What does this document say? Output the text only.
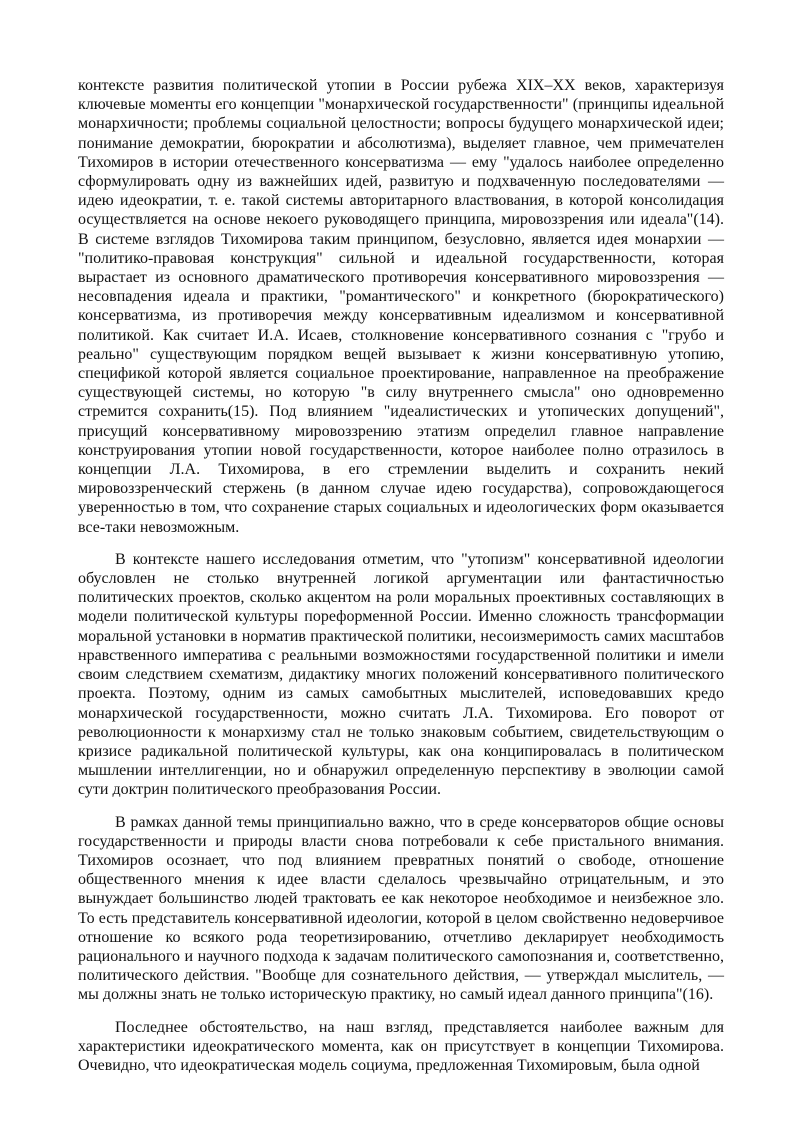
контексте развития политической утопии в России рубежа XIX–XX веков, характеризуя ключевые моменты его концепции "монархической государственности" (принципы идеальной монархичности; проблемы социальной целостности; вопросы будущего монархической идеи; понимание демократии, бюрократии и абсолютизма), выделяет главное, чем примечателен Тихомиров в истории отечественного консерватизма — ему "удалось наиболее определенно сформулировать одну из важнейших идей, развитую и подхваченную последователями — идею идеократии, т. е. такой системы авторитарного властвования, в которой консолидация осуществляется на основе некоего руководящего принципа, мировоззрения или идеала"(14). В системе взглядов Тихомирова таким принципом, безусловно, является идея монархии — "политико-правовая конструкция" сильной и идеальной государственности, которая вырастает из основного драматического противоречия консервативного мировоззрения — несовпадения идеала и практики, "романтического" и конкретного (бюрократического) консерватизма, из противоречия между консервативным идеализмом и консервативной политикой. Как считает И.А. Исаев, столкновение консервативного сознания с "грубо и реально" существующим порядком вещей вызывает к жизни консервативную утопию, спецификой которой является социальное проектирование, направленное на преображение существующей системы, но которую "в силу внутреннего смысла" оно одновременно стремится сохранить(15). Под влиянием "идеалистических и утопических допущений", присущий консервативному мировоззрению этатизм определил главное направление конструирования утопии новой государственности, которое наиболее полно отразилось в концепции Л.А. Тихомирова, в его стремлении выделить и сохранить некий мировоззренческий стержень (в данном случае идею государства), сопровождающегося уверенностью в том, что сохранение старых социальных и идеологических форм оказывается все-таки невозможным.

В контексте нашего исследования отметим, что "утопизм" консервативной идеологии обусловлен не столько внутренней логикой аргументации или фантастичностью политических проектов, сколько акцентом на роли моральных проективных составляющих в модели политической культуры пореформенной России. Именно сложность трансформации моральной установки в норматив практической политики, несоизмеримость самих масштабов нравственного императива с реальными возможностями государственной политики и имели своим следствием схематизм, дидактику многих положений консервативного политического проекта. Поэтому, одним из самых самобытных мыслителей, исповедовавших кредо монархической государственности, можно считать Л.А. Тихомирова. Его поворот от революционности к монархизму стал не только знаковым событием, свидетельствующим о кризисе радикальной политической культуры, как она конципировалась в политическом мышлении интеллигенции, но и обнаружил определенную перспективу в эволюции самой сути доктрин политического преобразования России.

В рамках данной темы принципиально важно, что в среде консерваторов общие основы государственности и природы власти снова потребовали к себе пристального внимания. Тихомиров осознает, что под влиянием превратных понятий о свободе, отношение общественного мнения к идее власти сделалось чрезвычайно отрицательным, и это вынуждает большинство людей трактовать ее как некоторое необходимое и неизбежное зло. То есть представитель консервативной идеологии, которой в целом свойственно недоверчивое отношение ко всякого рода теоретизированию, отчетливо декларирует необходимость рационального и научного подхода к задачам политического самопознания и, соответственно, политического действия. "Вообще для сознательного действия, — утверждал мыслитель, — мы должны знать не только историческую практику, но самый идеал данного принципа"(16).

Последнее обстоятельство, на наш взгляд, представляется наиболее важным для характеристики идеократического момента, как он присутствует в концепции Тихомирова. Очевидно, что идеократическая модель социума, предложенная Тихомировым, была одной
